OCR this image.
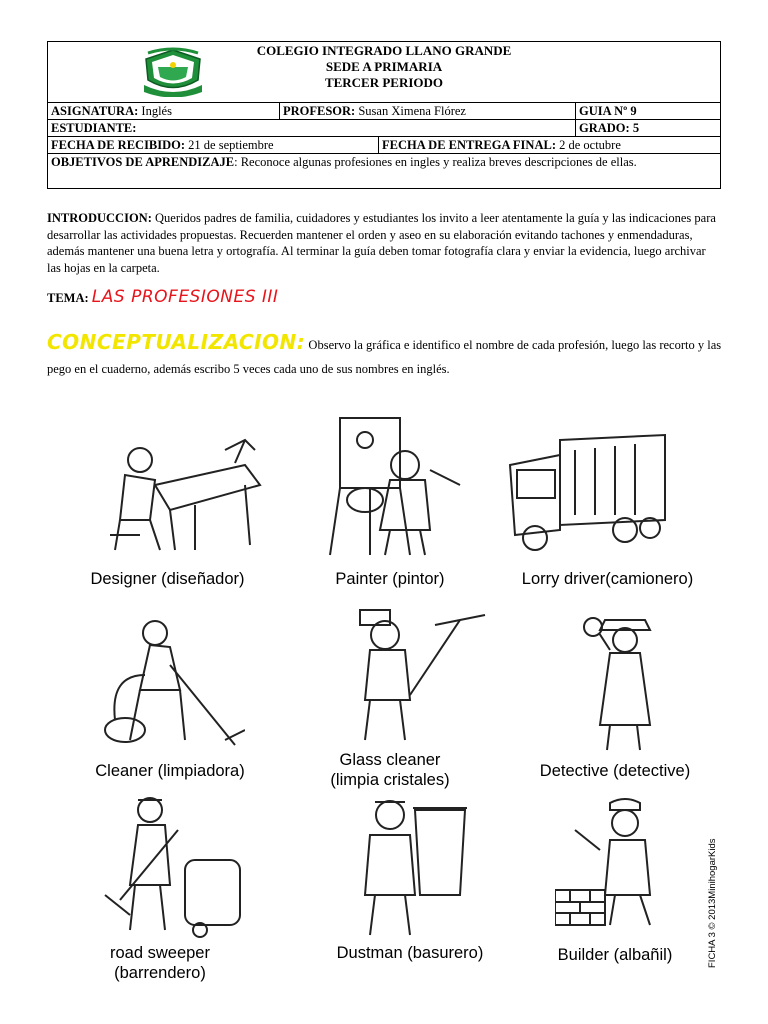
COLEGIO INTEGRADO LLANO GRANDE
SEDE A PRIMARIA
TERCER PERIODO
ASIGNATURA: Inglés	PROFESOR: Susan Ximena Flórez	GUIA Nº 9
ESTUDIANTE:	GRADO: 5
FECHA DE RECIBIDO: 21 de septiembre	FECHA DE ENTREGA FINAL: 2 de octubre
OBJETIVOS DE APRENDIZAJE: Reconoce algunas profesiones en ingles y realiza breves descripciones de ellas.
INTRODUCCION: Queridos padres de familia, cuidadores y estudiantes los invito a leer atentamente la guía y las indicaciones para desarrollar las actividades propuestas. Recuerden mantener el orden y aseo en su elaboración evitando tachones y enmendaduras, además mantener una buena letra y ortografía. Al terminar la guía deben tomar fotografía clara y enviar la evidencia, luego archivar las hojas en la carpeta.
TEMA: LAS PROFESIONES III
CONCEPTUALIZACION: Observo la gráfica e identifico el nombre de cada profesión, luego las recorto y las pego en el cuaderno, además escribo 5 veces cada uno de sus nombres en inglés.
Designer (diseñador)	Painter (pintor)	Lorry driver(camionero)
Cleaner (limpiadora)
Glass cleaner
(limpia cristales)	Detective (detective)
road sweeper
(barrendero)
Dustman (basurero)	Builder (albañil)	FICHA 3 © 2013MinihogarKids
